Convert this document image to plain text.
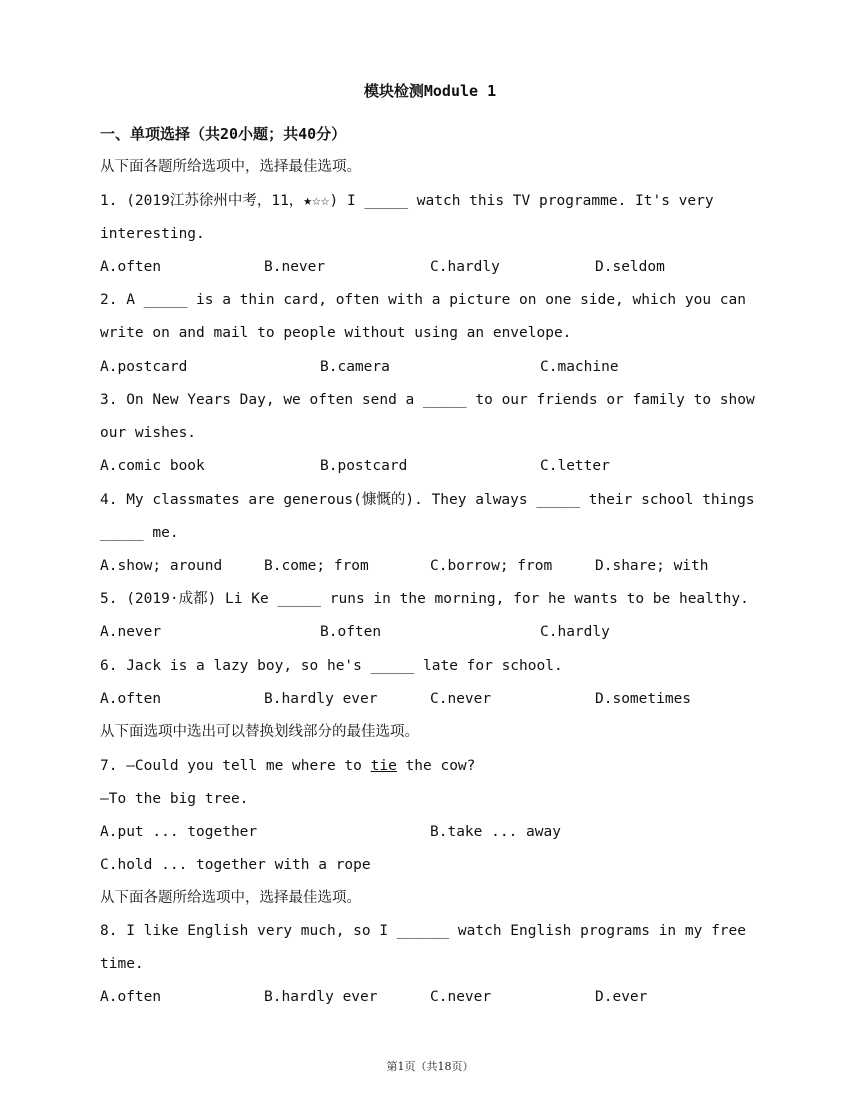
模块检测Module 1
一、单项选择（共20小题；共40分）
从下面各题所给选项中，选择最佳选项。
1. (2019江苏徐州中考，11，★☆☆) I _____ watch this TV programme. It's very
interesting.
A.often	B.never	C.hardly	D.seldom
2. A _____ is a thin card, often with a picture on one side, which you can
write on and mail to people without using an envelope.
A.postcard	B.camera	C.machine
3. On New Years Day, we often send a _____ to our friends or family to show
our wishes.
A.comic book	B.postcard	C.letter
4. My classmates are generous(慷慨的). They always _____ their school things
_____ me.
A.show; around	B.come; from	C.borrow; from	D.share; with
5. (2019·成都) Li Ke _____ runs in the morning, for he wants to be healthy.
A.never	B.often	C.hardly
6. Jack is a lazy boy, so he's _____ late for school.
A.often	B.hardly ever	C.never	D.sometimes
从下面选项中选出可以替换划线部分的最佳选项。
7. —Could you tell me where to tie the cow?
—To the big tree.
A.put ... together	B.take ... away
C.hold ... together with a rope
从下面各题所给选项中，选择最佳选项。
8. I like English very much, so I ______ watch English programs in my free
time.
A.often	B.hardly ever	C.never	D.ever
第1页（共18页）
